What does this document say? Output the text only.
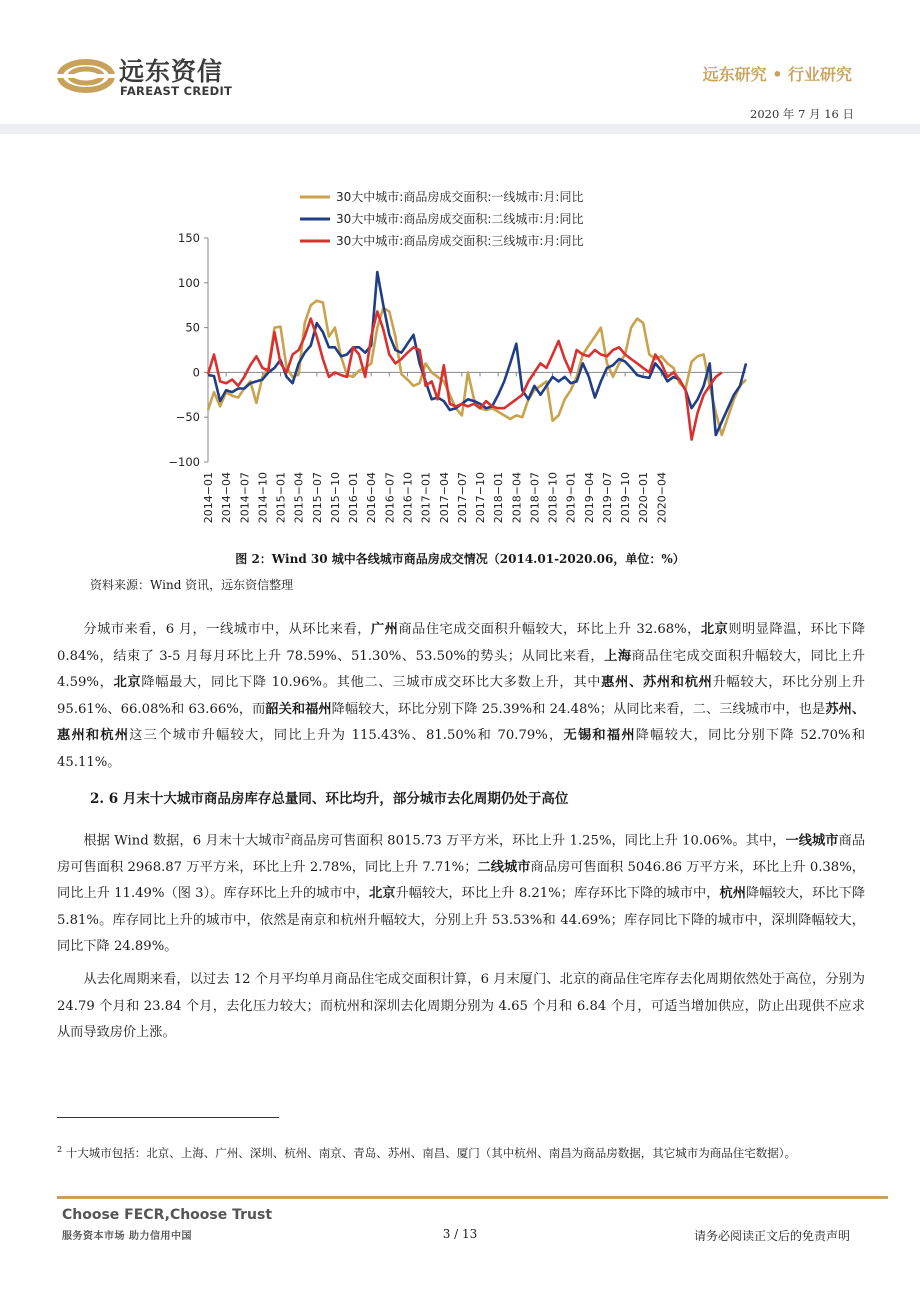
远东资信
FAREAST CREDIT
远东研究 • 行业研究
2020 年 7 月 16 日
30大中城市:商品房成交面积:一线城市:月:同比
30大中城市:商品房成交面积:二线城市:月:同比
30大中城市:商品房成交面积:三线城市:月:同比
150
100
50
0
−50
−100
2014−01 2014−04 2014−07 2014−10 2015−01 2015−04 2015−07 2015−10 2016−01 2016−04 2016−07 2016−10 2017−01 2017−04 2017−07 2017−10 2018−01 2018−04 2018−07 2018−10 2019−01 2019−04 2019−07 2019−10 2020−01 2020−04
图 2：Wind 30 城中各线城市商品房成交情况（2014.01-2020.06，单位：%）
资料来源：Wind 资讯，远东资信整理
分城市来看，6 月，一线城市中，从环比来看，广州商品住宅成交面积升幅较大，环比上升 32.68%，北京则明显降温，环比下降 0.84%，结束了 3-5 月每月环比上升 78.59%、51.30%、53.50%的势头；从同比来看，上海商品住宅成交面积升幅较大，同比上升 4.59%，北京降幅最大，同比下降 10.96%。其他二、三城市成交环比大多数上升，其中惠州、苏州和杭州升幅较大，环比分别上升 95.61%、66.08%和 63.66%，而韶关和福州降幅较大，环比分别下降 25.39%和 24.48%；从同比来看，二、三线城市中，也是苏州、惠州和杭州这三个城市升幅较大，同比上升为 115.43%、81.50%和 70.79%，无锡和福州降幅较大，同比分别下降 52.70%和 45.11%。
2. 6 月末十大城市商品房库存总量同、环比均升，部分城市去化周期仍处于高位
根据 Wind 数据，6 月末十大城市$^2$商品房可售面积 8015.73 万平方米，环比上升 1.25%，同比上升 10.06%。其中，一线城市商品房可售面积 2968.87 万平方米，环比上升 2.78%，同比上升 7.71%；二线城市商品房可售面积 5046.86 万平方米，环比上升 0.38%，同比上升 11.49%（图 3）。库存环比上升的城市中，北京升幅较大，环比上升 8.21%；库存环比下降的城市中，杭州降幅较大，环比下降 5.81%。库存同比上升的城市中，依然是南京和杭州升幅较大，分别上升 53.53%和 44.69%；库存同比下降的城市中，深圳降幅较大，同比下降 24.89%。
从去化周期来看，以过去 12 个月平均单月商品住宅成交面积计算，6 月末厦门、北京的商品住宅库存去化周期依然处于高位，分别为 24.79 个月和 23.84 个月，去化压力较大；而杭州和深圳去化周期分别为 4.65 个月和 6.84 个月，可适当增加供应，防止出现供不应求从而导致房价上涨。
$^2$ 十大城市包括：北京、上海、广州、深圳、杭州、南京、青岛、苏州、南昌、厦门（其中杭州、南昌为商品房数据，其它城市为商品住宅数据）。
Choose FECR,Choose Trust
服务资本市场 助力信用中国	3 / 13	请务必阅读正文后的免责声明
